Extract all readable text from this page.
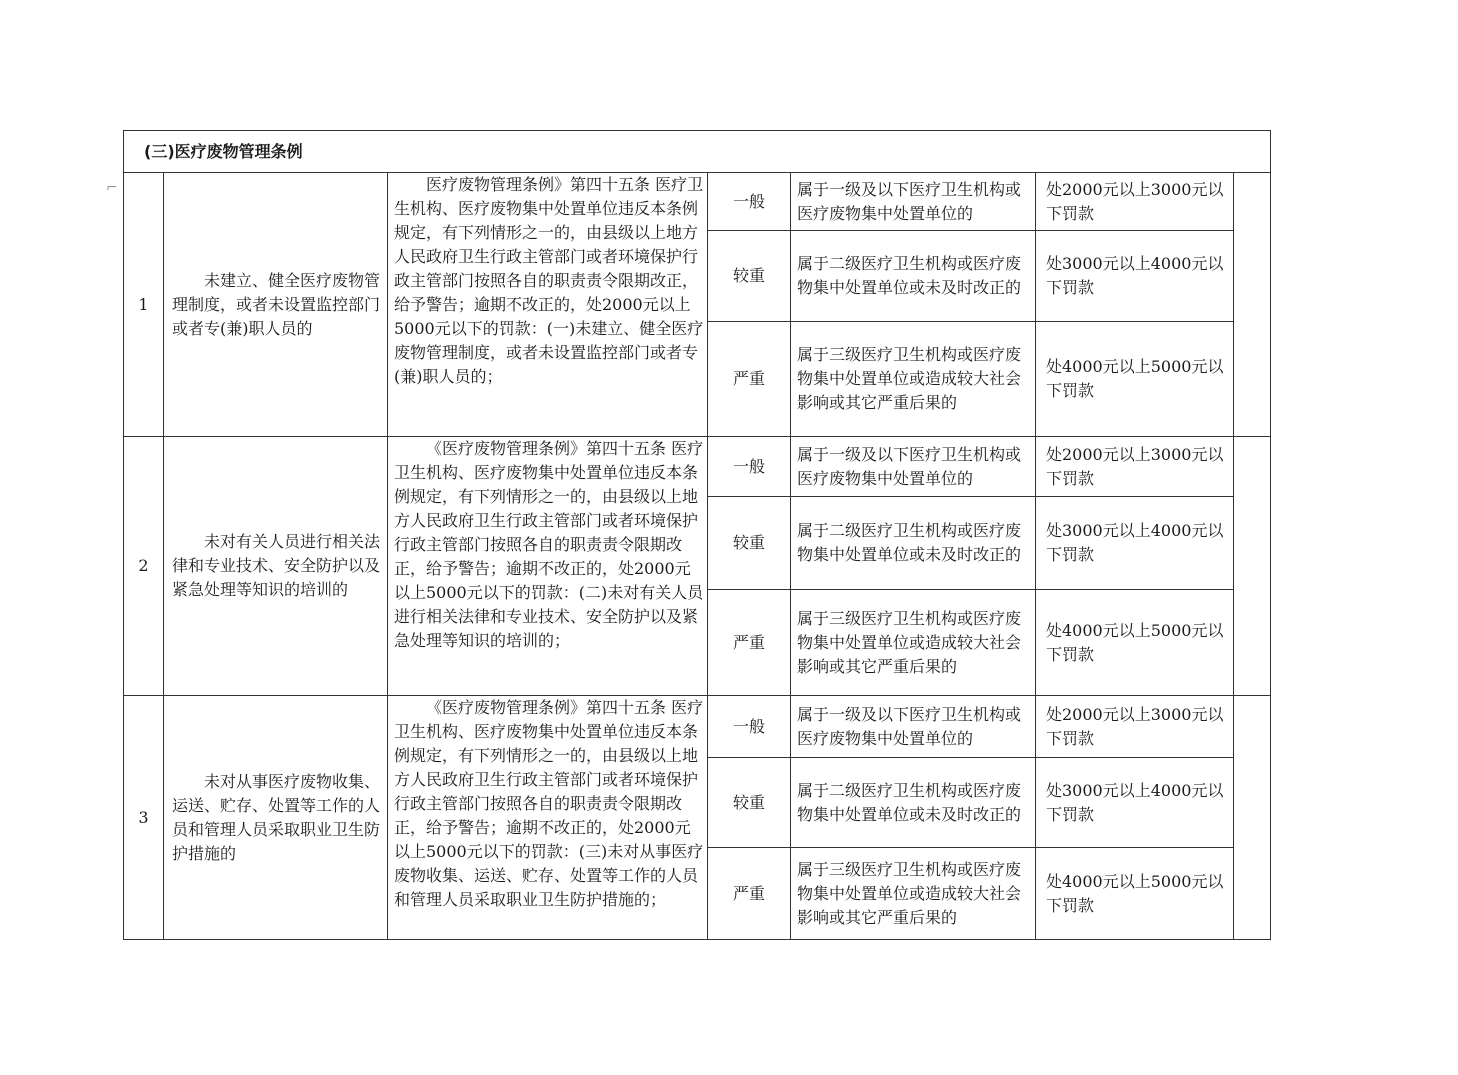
⌐
(三)医疗废物管理条例						
1	未建立、健全医疗废物管理制度，或者未设置监控部门或者专(兼)职人员的	医疗废物管理条例》第四十五条 医疗卫生机构、医疗废物集中处置单位违反本条例规定，有下列情形之一的，由县级以上地方人民政府卫生行政主管部门或者环境保护行政主管部门按照各自的职责责令限期改正，给予警告；逾期不改正的，处2000元以上5000元以下的罚款：(一)未建立、健全医疗废物管理制度，或者未设置监控部门或者专(兼)职人员的；	一般	属于一级及以下医疗卫生机构或医疗废物集中处置单位的	处2000元以上3000元以下罚款	
			较重	属于二级医疗卫生机构或医疗废物集中处置单位或未及时改正的	处3000元以上4000元以下罚款	
			严重	属于三级医疗卫生机构或医疗废物集中处置单位或造成较大社会影响或其它严重后果的	处4000元以上5000元以下罚款	
2	未对有关人员进行相关法律和专业技术、安全防护以及紧急处理等知识的培训的	《医疗废物管理条例》第四十五条 医疗卫生机构、医疗废物集中处置单位违反本条例规定，有下列情形之一的，由县级以上地方人民政府卫生行政主管部门或者环境保护行政主管部门按照各自的职责责令限期改正，给予警告；逾期不改正的，处2000元以上5000元以下的罚款：(二)未对有关人员进行相关法律和专业技术、安全防护以及紧急处理等知识的培训的；	一般	属于一级及以下医疗卫生机构或医疗废物集中处置单位的	处2000元以上3000元以下罚款	
			较重	属于二级医疗卫生机构或医疗废物集中处置单位或未及时改正的	处3000元以上4000元以下罚款	
			严重	属于三级医疗卫生机构或医疗废物集中处置单位或造成较大社会影响或其它严重后果的	处4000元以上5000元以下罚款	
3	未对从事医疗废物收集、运送、贮存、处置等工作的人员和管理人员采取职业卫生防护措施的	《医疗废物管理条例》第四十五条 医疗卫生机构、医疗废物集中处置单位违反本条例规定，有下列情形之一的，由县级以上地方人民政府卫生行政主管部门或者环境保护行政主管部门按照各自的职责责令限期改正，给予警告；逾期不改正的，处2000元以上5000元以下的罚款：(三)未对从事医疗废物收集、运送、贮存、处置等工作的人员和管理人员采取职业卫生防护措施的；	一般	属于一级及以下医疗卫生机构或医疗废物集中处置单位的	处2000元以上3000元以下罚款	
			较重	属于二级医疗卫生机构或医疗废物集中处置单位或未及时改正的	处3000元以上4000元以下罚款	
			严重	属于三级医疗卫生机构或医疗废物集中处置单位或造成较大社会影响或其它严重后果的	处4000元以上5000元以下罚款	
